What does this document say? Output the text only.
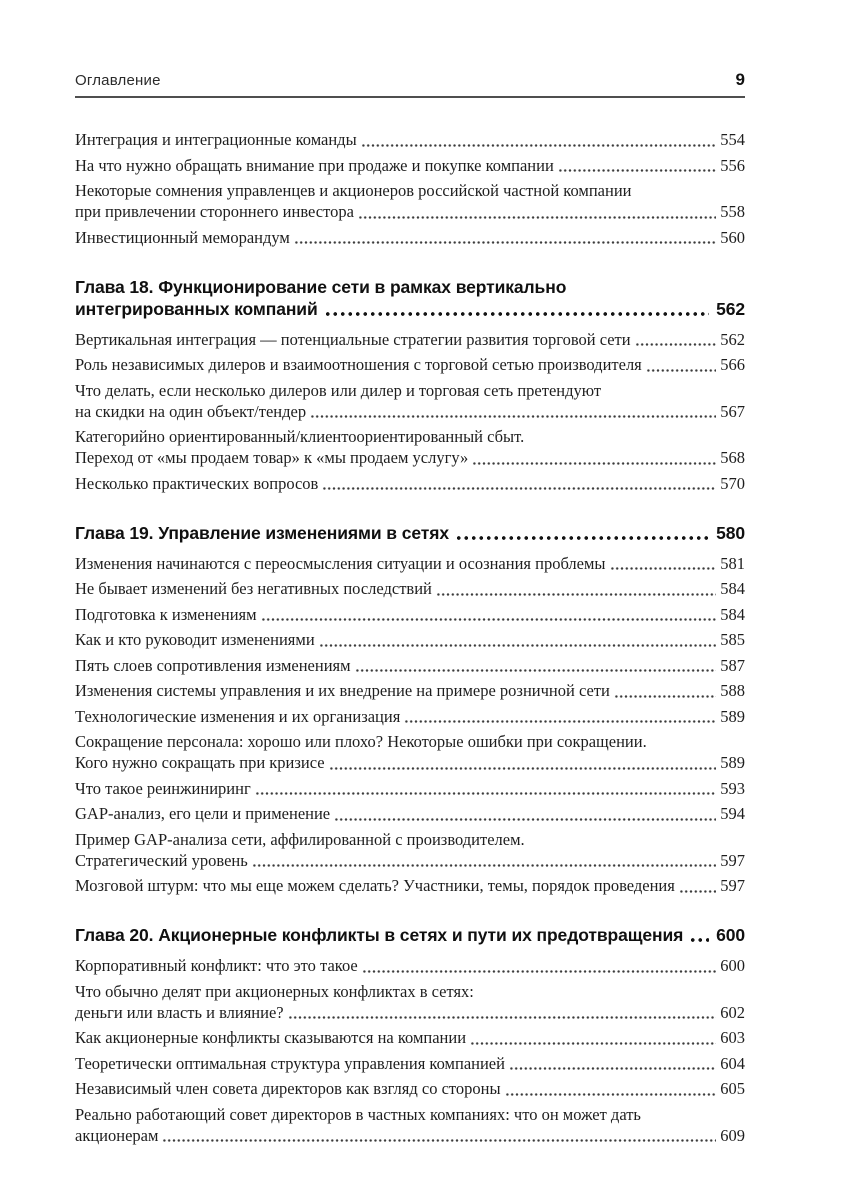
Оглавление	9
Интеграция и интеграционные команды	554
На что нужно обращать внимание при продаже и покупке компании	556
Некоторые сомнения управленцев и акционеров российской частной компании
при привлечении стороннего инвестора	558
Инвестиционный меморандум	560
Глава 18. Функционирование сети в рамках вертикально
интегрированных компаний	562
Вертикальная интеграция — потенциальные стратегии развития торговой сети	562
Роль независимых дилеров и взаимоотношения с торговой сетью производителя	566
Что делать, если несколько дилеров или дилер и торговая сеть претендуют
на скидки на один объект/тендер	567
Категорийно ориентированный/клиентоориентированный сбыт.
Переход от «мы продаем товар» к «мы продаем услугу»	568
Несколько практических вопросов	570
Глава 19. Управление изменениями в сетях	580
Изменения начинаются с переосмысления ситуации и осознания проблемы	581
Не бывает изменений без негативных последствий	584
Подготовка к изменениям	584
Как и кто руководит изменениями	585
Пять слоев сопротивления изменениям	587
Изменения системы управления и их внедрение на примере розничной сети	588
Технологические изменения и их организация	589
Сокращение персонала: хорошо или плохо? Некоторые ошибки при сокращении.
Кого нужно сокращать при кризисе	589
Что такое реинжиниринг	593
GAP-анализ, его цели и применение	594
Пример GAP-анализа сети, аффилированной с производителем.
Стратегический уровень	597
Мозговой штурм: что мы еще можем сделать? Участники, темы, порядок проведения	597
Глава 20. Акционерные конфликты в сетях и пути их предотвращения 600
Корпоративный конфликт: что это такое	600
Что обычно делят при акционерных конфликтах в сетях:
деньги или власть и влияние?	602
Как акционерные конфликты сказываются на компании	603
Теоретически оптимальная структура управления компанией	604
Независимый член совета директоров как взгляд со стороны	605
Реально работающий совет директоров в частных компаниях: что он может дать
акционерам	609
